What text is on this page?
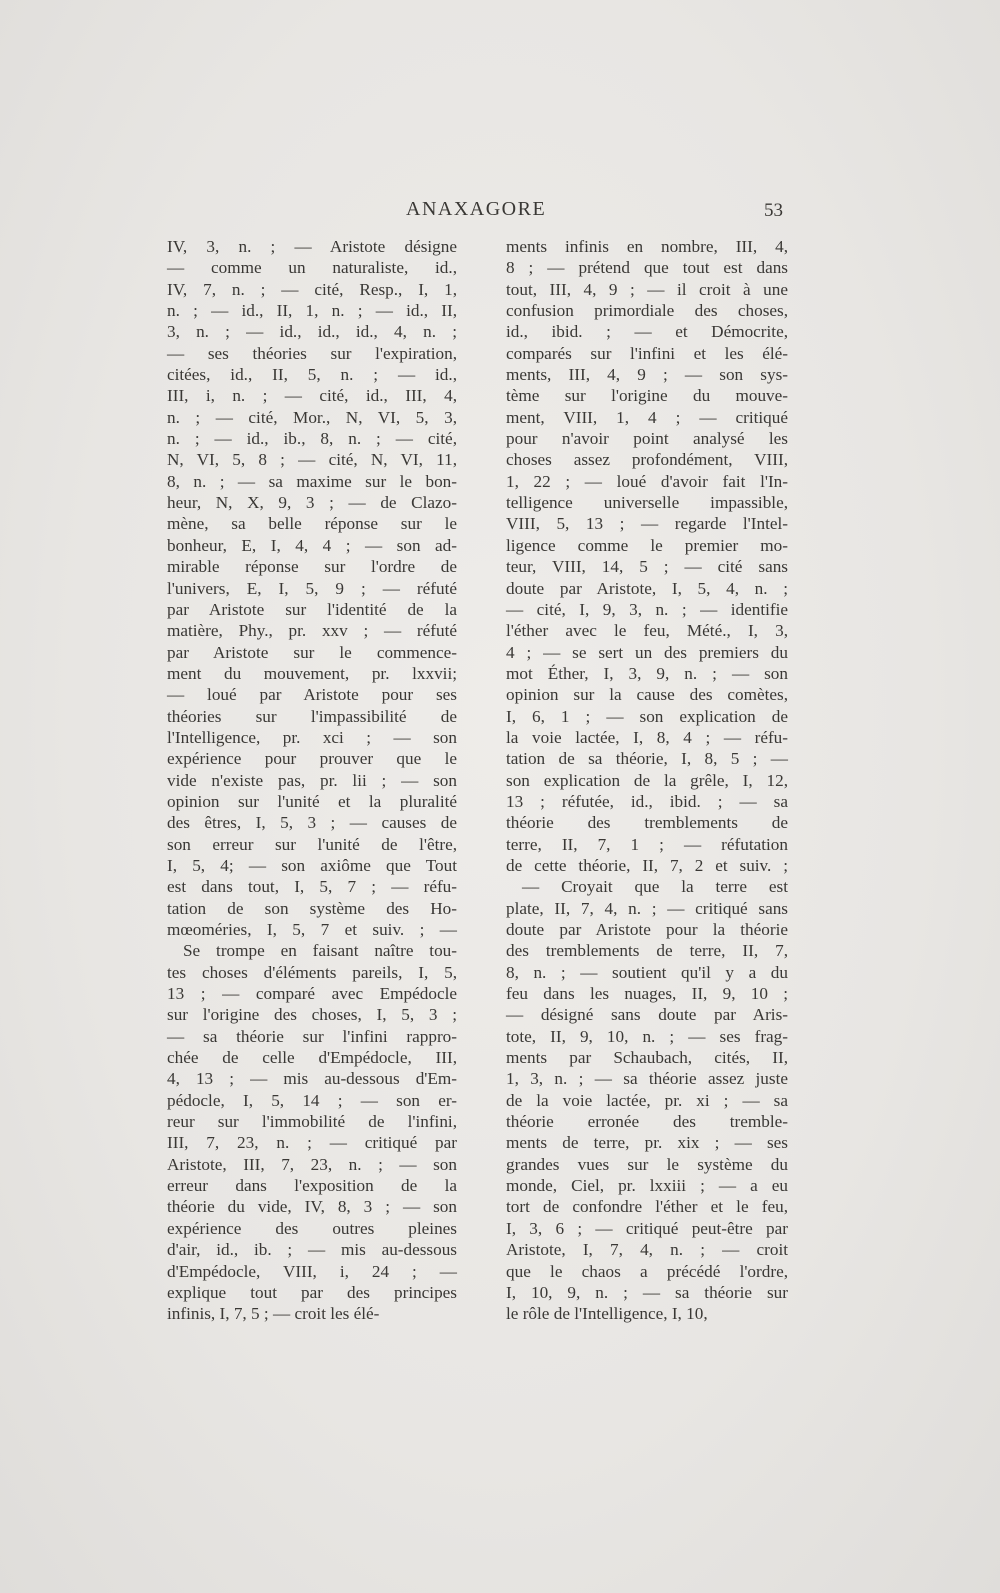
ANAXAGORE	53
IV, 3, n. ; — Aristote désigne
— comme un naturaliste, id.,
IV, 7, n. ; — cité, Resp., I, 1,
n. ; — id., II, 1, n. ; — id., II,
3, n. ; — id., id., id., 4, n. ;
— ses théories sur l'expiration,
citées, id., II, 5, n. ; — id.,
III, i, n. ; — cité, id., III, 4,
n. ; — cité, Mor., N, VI, 5, 3,
n. ; — id., ib., 8, n. ; — cité,
N, VI, 5, 8 ; — cité, N, VI, 11,
8, n. ; — sa maxime sur le bon-
heur, N, X, 9, 3 ; — de Clazo-
mène, sa belle réponse sur le
bonheur, E, I, 4, 4 ; — son ad-
mirable réponse sur l'ordre de
l'univers, E, I, 5, 9 ; — réfuté
par Aristote sur l'identité de la
matière, Phy., pr. xxv ; — réfuté
par Aristote sur le commence-
ment du mouvement, pr. lxxvii;
— loué par Aristote pour ses
théories sur l'impassibilité de
l'Intelligence, pr. xci ; — son
expérience pour prouver que le
vide n'existe pas, pr. lii ; — son
opinion sur l'unité et la pluralité
des êtres, I, 5, 3 ; — causes de
son erreur sur l'unité de l'être,
I, 5, 4; — son axiôme que Tout
est dans tout, I, 5, 7 ; — réfu-
tation de son système des Ho-
mœoméries, I, 5, 7 et suiv. ; —
Se trompe en faisant naître tou-
tes choses d'éléments pareils, I, 5,
13 ; — comparé avec Empédocle
sur l'origine des choses, I, 5, 3 ;
— sa théorie sur l'infini rappro-
chée de celle d'Empédocle, III,
4, 13 ; — mis au-dessous d'Em-
pédocle, I, 5, 14 ; — son er-
reur sur l'immobilité de l'infini,
III, 7, 23, n. ; — critiqué par
Aristote, III, 7, 23, n. ; — son
erreur dans l'exposition de la
théorie du vide, IV, 8, 3 ; — son
expérience des outres pleines
d'air, id., ib. ; — mis au-dessous
d'Empédocle, VIII, i, 24 ; —
explique tout par des principes
infinis, I, 7, 5 ; — croit les élé-
ments infinis en nombre, III, 4,
8 ; — prétend que tout est dans
tout, III, 4, 9 ; — il croit à une
confusion primordiale des choses,
id., ibid. ; — et Démocrite,
comparés sur l'infini et les élé-
ments, III, 4, 9 ; — son sys-
tème sur l'origine du mouve-
ment, VIII, 1, 4 ; — critiqué
pour n'avoir point analysé les
choses assez profondément, VIII,
1, 22 ; — loué d'avoir fait l'In-
telligence universelle impassible,
VIII, 5, 13 ; — regarde l'Intel-
ligence comme le premier mo-
teur, VIII, 14, 5 ; — cité sans
doute par Aristote, I, 5, 4, n. ;
— cité, I, 9, 3, n. ; — identifie
l'éther avec le feu, Mété., I, 3,
4 ; — se sert un des premiers du
mot Éther, I, 3, 9, n. ; — son
opinion sur la cause des comètes,
I, 6, 1 ; — son explication de
la voie lactée, I, 8, 4 ; — réfu-
tation de sa théorie, I, 8, 5 ; —
son explication de la grêle, I, 12,
13 ; réfutée, id., ibid. ; — sa
théorie des tremblements de
terre, II, 7, 1 ; — réfutation
de cette théorie, II, 7, 2 et suiv. ;
— Croyait que la terre est
plate, II, 7, 4, n. ; — critiqué sans
doute par Aristote pour la théorie
des tremblements de terre, II, 7,
8, n. ; — soutient qu'il y a du
feu dans les nuages, II, 9, 10 ;
— désigné sans doute par Aris-
tote, II, 9, 10, n. ; — ses frag-
ments par Schaubach, cités, II,
1, 3, n. ; — sa théorie assez juste
de la voie lactée, pr. xi ; — sa
théorie erronée des tremble-
ments de terre, pr. xix ; — ses
grandes vues sur le système du
monde, Ciel, pr. lxxiii ; — a eu
tort de confondre l'éther et le feu,
I, 3, 6 ; — critiqué peut-être par
Aristote, I, 7, 4, n. ; — croit
que le chaos a précédé l'ordre,
I, 10, 9, n. ; — sa théorie sur
le rôle de l'Intelligence, I, 10,
